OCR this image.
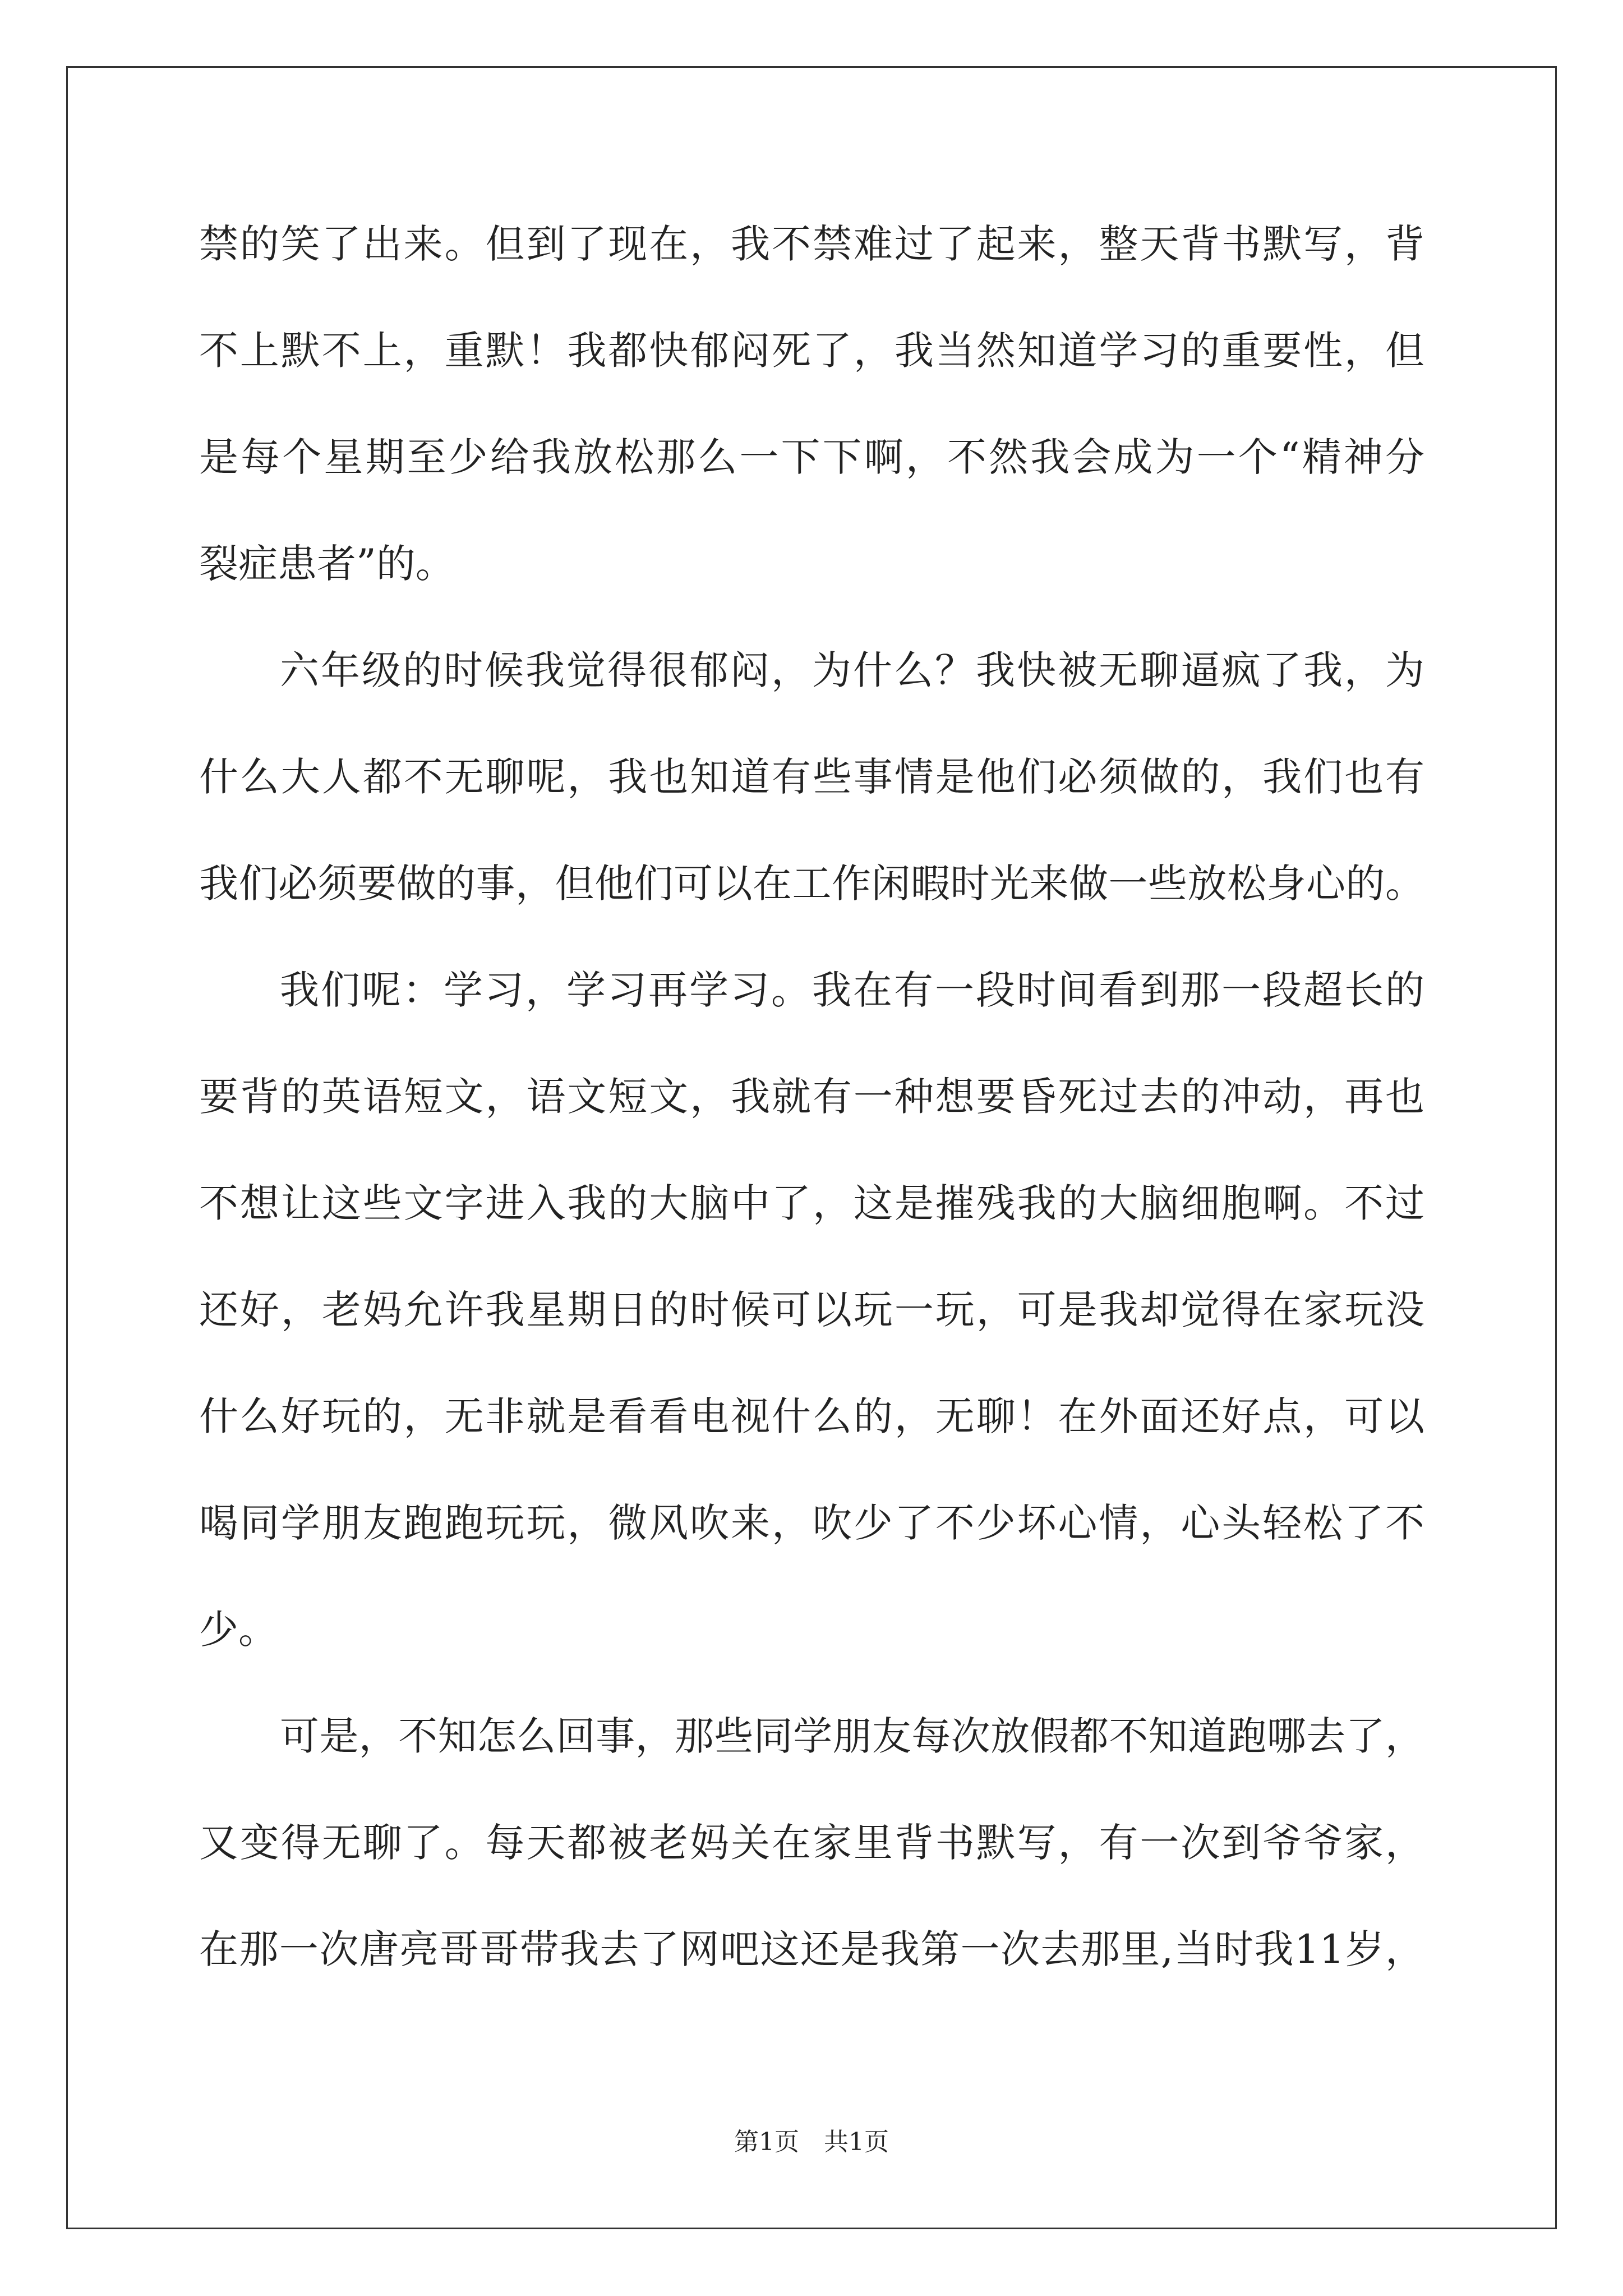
禁的笑了出来。但到了现在，我不禁难过了起来，整天背书默写，背
不上默不上，重默！我都快郁闷死了，我当然知道学习的重要性，但
是每个星期至少给我放松那么一下下啊，不然我会成为一个“精神分
裂症患者”的。
六年级的时候我觉得很郁闷，为什么？我快被无聊逼疯了我，为
什么大人都不无聊呢，我也知道有些事情是他们必须做的，我们也有
我们必须要做的事，但他们可以在工作闲暇时光来做一些放松身心的。
我们呢：学习，学习再学习。我在有一段时间看到那一段超长的
要背的英语短文，语文短文，我就有一种想要昏死过去的冲动，再也
不想让这些文字进入我的大脑中了，这是摧残我的大脑细胞啊。不过
还好，老妈允许我星期日的时候可以玩一玩，可是我却觉得在家玩没
什么好玩的，无非就是看看电视什么的，无聊！在外面还好点，可以
喝同学朋友跑跑玩玩，微风吹来，吹少了不少坏心情，心头轻松了不
少。
可是，不知怎么回事，那些同学朋友每次放假都不知道跑哪去了，
又变得无聊了。每天都被老妈关在家里背书默写，有一次到爷爷家，
在那一次唐亮哥哥带我去了网吧这还是我第一次去那里,当时我11岁，
第1页　共1页
